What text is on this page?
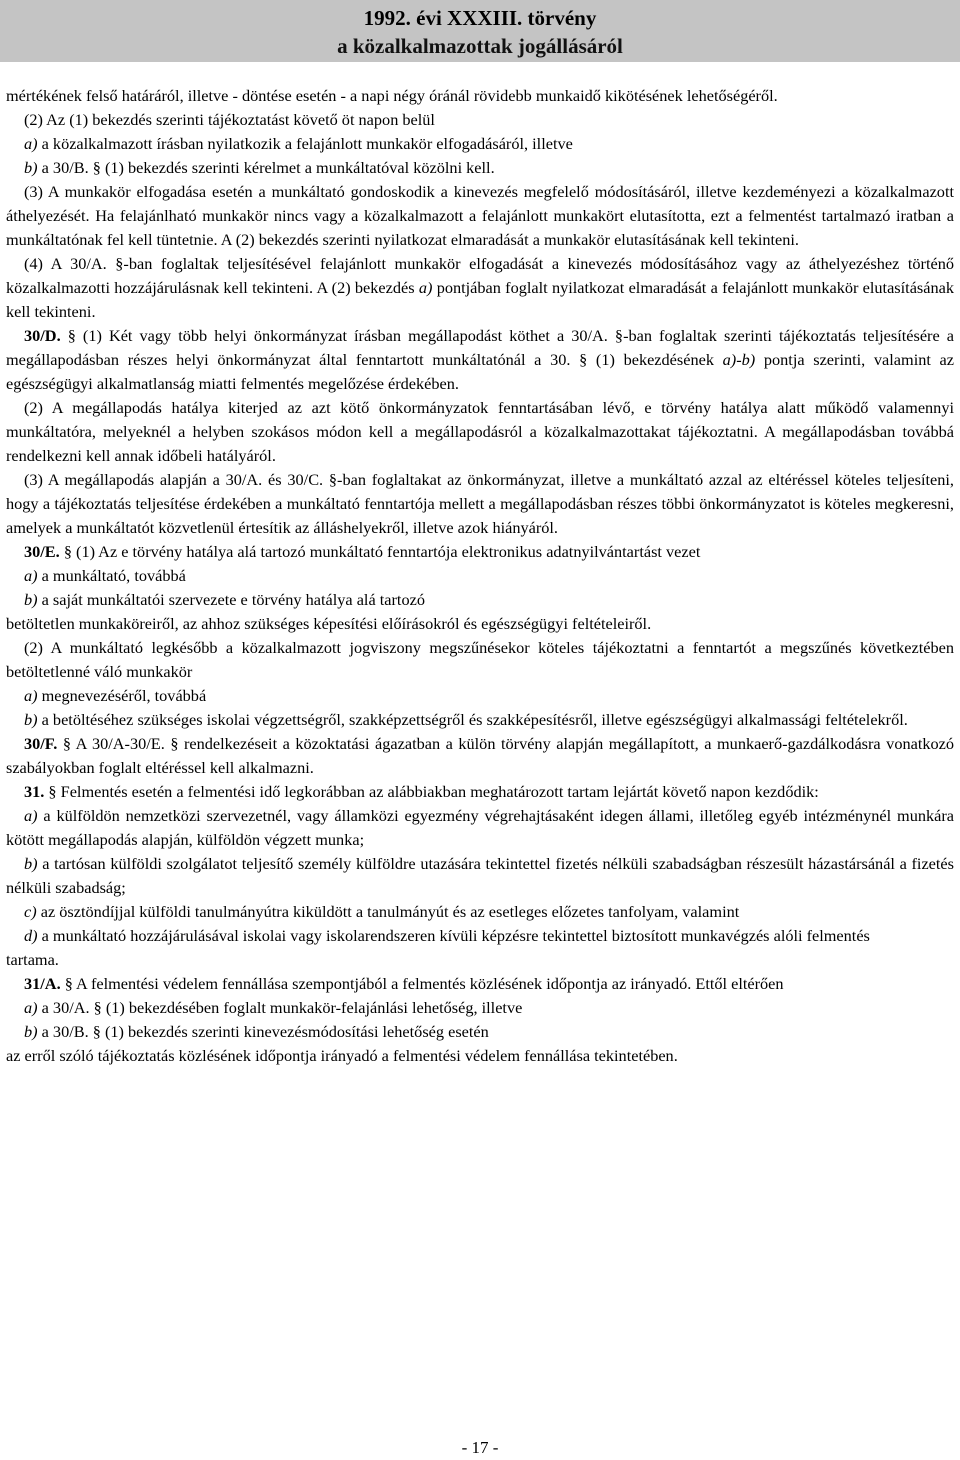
1992. évi XXXIII. törvény
a közalkalmazottak jogállásáról

mértékének felső határáról, illetve - döntése esetén - a napi négy óránál rövidebb munkaidő kikötésének lehetőségéről.

(2) Az (1) bekezdés szerinti tájékoztatást követő öt napon belül

a) a közalkalmazott írásban nyilatkozik a felajánlott munkakör elfogadásáról, illetve

b) a 30/B. § (1) bekezdés szerinti kérelmet a munkáltatóval közölni kell.

(3) A munkakör elfogadása esetén a munkáltató gondoskodik a kinevezés megfelelő módosításáról, illetve kezdeményezi a közalkalmazott áthelyezését. Ha felajánlható munkakör nincs vagy a közalkalmazott a felajánlott munkakört elutasította, ezt a felmentést tartalmazó iratban a munkáltatónak fel kell tüntetnie. A (2) bekezdés szerinti nyilatkozat elmaradását a munkakör elutasításának kell tekinteni.

(4) A 30/A. §-ban foglaltak teljesítésével felajánlott munkakör elfogadását a kinevezés módosításához vagy az áthelyezéshez történő közalkalmazotti hozzájárulásnak kell tekinteni. A (2) bekezdés a) pontjában foglalt nyilatkozat elmaradását a felajánlott munkakör elutasításának kell tekinteni.

30/D. § (1) Két vagy több helyi önkormányzat írásban megállapodást köthet a 30/A. §-ban foglaltak szerinti tájékoztatás teljesítésére a megállapodásban részes helyi önkormányzat által fenntartott munkáltatónál a 30. § (1) bekezdésének a)-b) pontja szerinti, valamint az egészségügyi alkalmatlanság miatti felmentés megelőzése érdekében.

(2) A megállapodás hatálya kiterjed az azt kötő önkormányzatok fenntartásában lévő, e törvény hatálya alatt működő valamennyi munkáltatóra, melyeknél a helyben szokásos módon kell a megállapodásról a közalkalmazottakat tájékoztatni. A megállapodásban továbbá rendelkezni kell annak időbeli hatályáról.

(3) A megállapodás alapján a 30/A. és 30/C. §-ban foglaltakat az önkormányzat, illetve a munkáltató azzal az eltéréssel köteles teljesíteni, hogy a tájékoztatás teljesítése érdekében a munkáltató fenntartója mellett a megállapodásban részes többi önkormányzatot is köteles megkeresni, amelyek a munkáltatót közvetlenül értesítik az álláshelyekről, illetve azok hiányáról.

30/E. § (1) Az e törvény hatálya alá tartozó munkáltató fenntartója elektronikus adatnyilvántartást vezet

a) a munkáltató, továbbá

b) a saját munkáltatói szervezete e törvény hatálya alá tartozó

betöltetlen munkaköreiről, az ahhoz szükséges képesítési előírásokról és egészségügyi feltételeiről.

(2) A munkáltató legkésőbb a közalkalmazott jogviszony megszűnésekor köteles tájékoztatni a fenntartót a megszűnés következtében betöltetlenné váló munkakör

a) megnevezéséről, továbbá

b) a betöltéséhez szükséges iskolai végzettségről, szakképzettségről és szakképesítésről, illetve egészségügyi alkalmassági feltételekről.

30/F. § A 30/A-30/E. § rendelkezéseit a közoktatási ágazatban a külön törvény alapján megállapított, a munkaerő-gazdálkodásra vonatkozó szabályokban foglalt eltéréssel kell alkalmazni.

31. § Felmentés esetén a felmentési idő legkorábban az alábbiakban meghatározott tartam lejártát követő napon kezdődik:

a) a külföldön nemzetközi szervezetnél, vagy államközi egyezmény végrehajtásaként idegen állami, illetőleg egyéb intézménynél munkára kötött megállapodás alapján, külföldön végzett munka;

b) a tartósan külföldi szolgálatot teljesítő személy külföldre utazására tekintettel fizetés nélküli szabadságban részesült házastársánál a fizetés nélküli szabadság;

c) az ösztöndíjjal külföldi tanulmányútra kiküldött a tanulmányút és az esetleges előzetes tanfolyam, valamint

d) a munkáltató hozzájárulásával iskolai vagy iskolarendszeren kívüli képzésre tekintettel biztosított munkavégzés alóli felmentés

tartama.

31/A. § A felmentési védelem fennállása szempontjából a felmentés közlésének időpontja az irányadó. Ettől eltérően

a) a 30/A. § (1) bekezdésében foglalt munkakör-felajánlási lehetőség, illetve

b) a 30/B. § (1) bekezdés szerinti kinevezésmódosítási lehetőség esetén

az erről szóló tájékoztatás közlésének időpontja irányadó a felmentési védelem fennállása tekintetében.

- 17 -
